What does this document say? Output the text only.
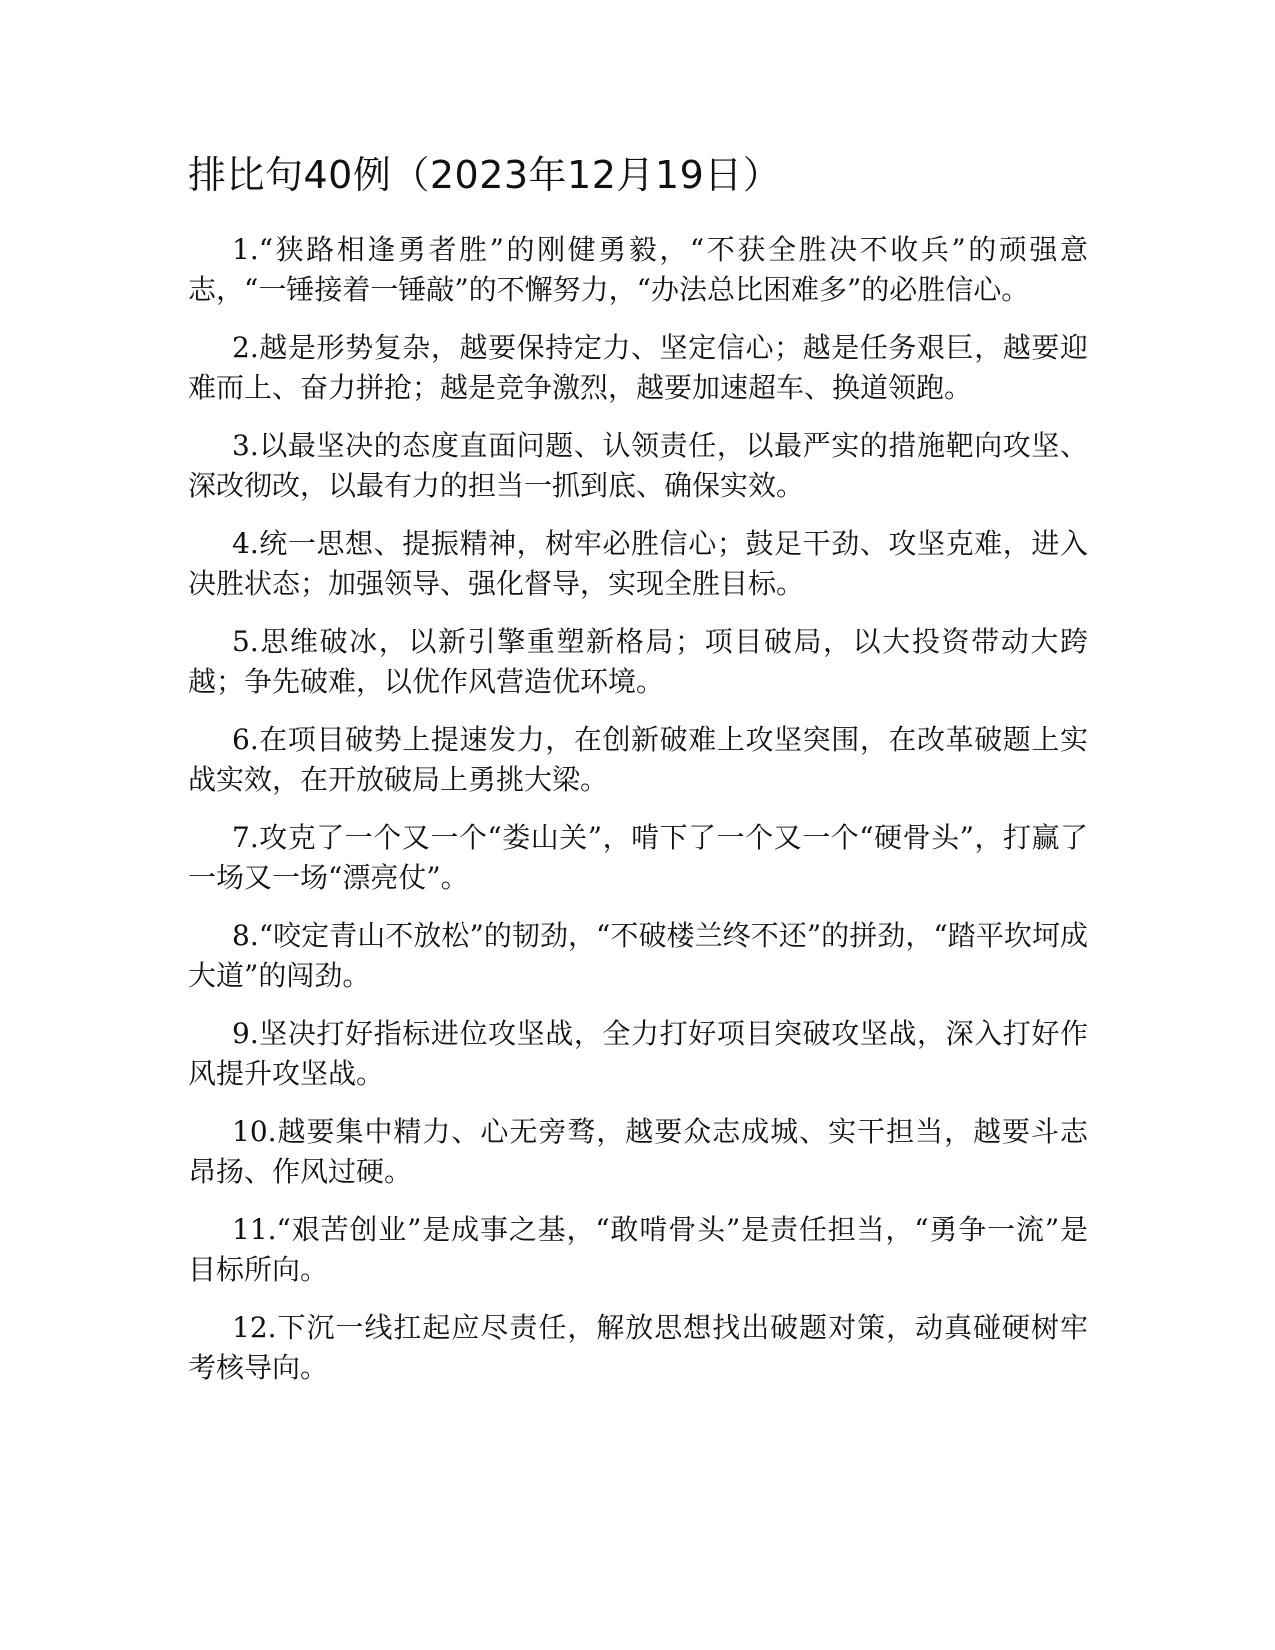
排比句40例（2023年12月19日）

1.“狭路相逢勇者胜”的刚健勇毅，“不获全胜决不收兵”的顽强意志，“一锤接着一锤敲”的不懈努力，“办法总比困难多”的必胜信心。

2.越是形势复杂，越要保持定力、坚定信心；越是任务艰巨，越要迎难而上、奋力拼抢；越是竞争激烈，越要加速超车、换道领跑。

3.以最坚决的态度直面问题、认领责任，以最严实的措施靶向攻坚、深改彻改，以最有力的担当一抓到底、确保实效。

4.统一思想、提振精神，树牢必胜信心；鼓足干劲、攻坚克难，进入决胜状态；加强领导、强化督导，实现全胜目标。

5.思维破冰，以新引擎重塑新格局；项目破局，以大投资带动大跨越；争先破难，以优作风营造优环境。

6.在项目破势上提速发力，在创新破难上攻坚突围，在改革破题上实战实效，在开放破局上勇挑大梁。

7.攻克了一个又一个“娄山关”，啃下了一个又一个“硬骨头”，打赢了一场又一场“漂亮仗”。

8.“咬定青山不放松”的韧劲，“不破楼兰终不还”的拼劲，“踏平坎坷成大道”的闯劲。

9.坚决打好指标进位攻坚战，全力打好项目突破攻坚战，深入打好作风提升攻坚战。

10.越要集中精力、心无旁骛，越要众志成城、实干担当，越要斗志昂扬、作风过硬。

11.“艰苦创业”是成事之基，“敢啃骨头”是责任担当，“勇争一流”是目标所向。

12.下沉一线扛起应尽责任，解放思想找出破题对策，动真碰硬树牢考核导向。
